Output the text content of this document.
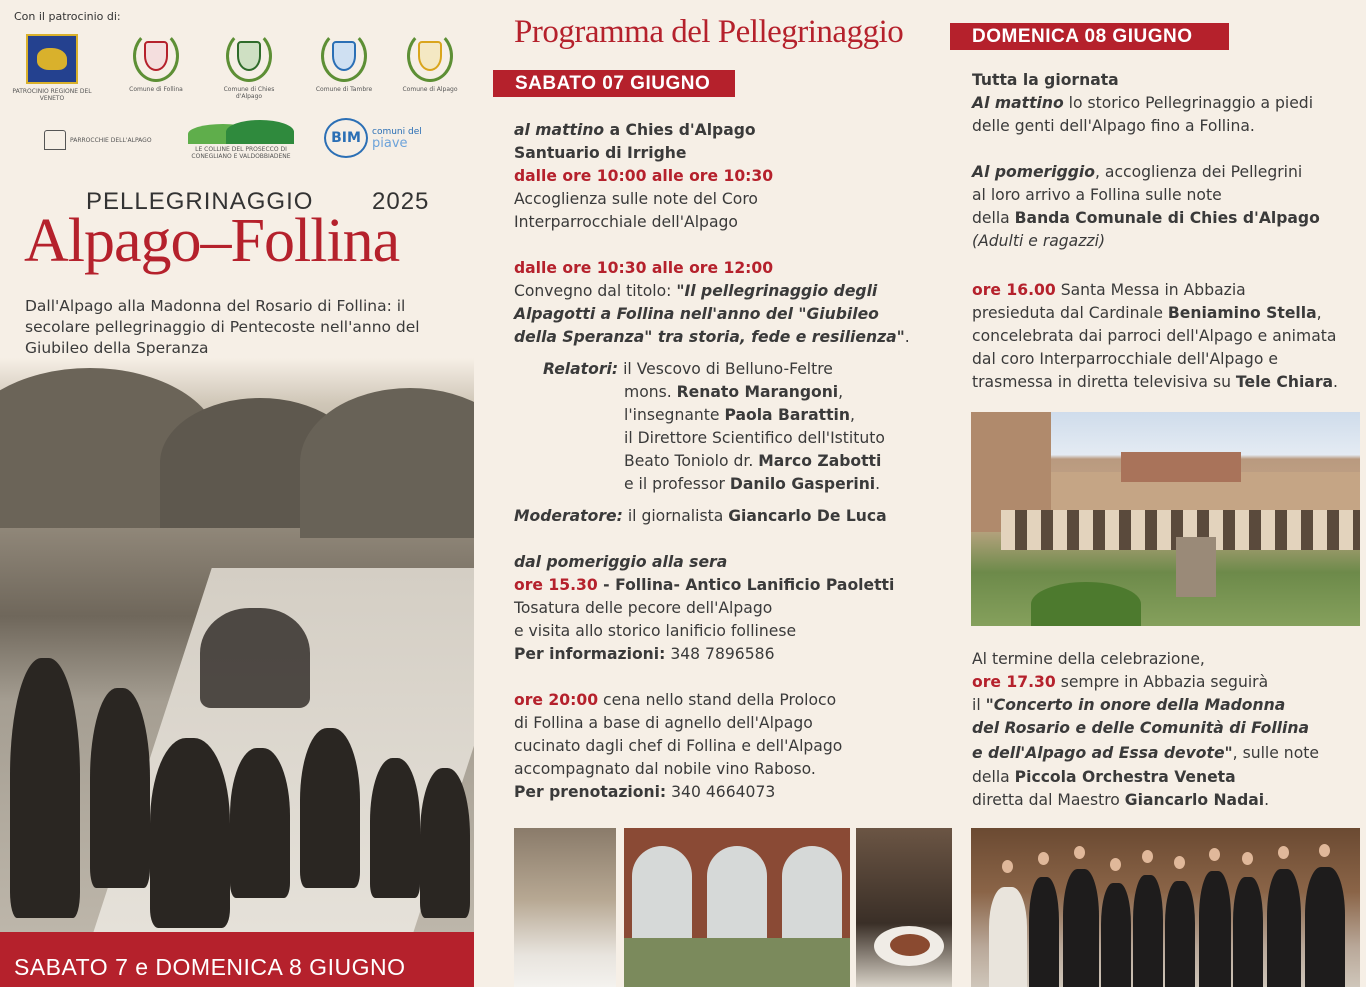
Con il patrocinio di:
PATROCINIO REGIONE DEL VENETO
Comune di Follina	Comune di Chies d'Alpago
Comune di Tambre	Comune di Alpago
PARROCCHIE DELL'ALPAGO
LE COLLINE DEL PROSECCO DI CONEGLIANO E VALDOBBIADENE
BIM	comuni del
piave
PELLEGRINAGGIO 2025
Alpago–Follina
Dall'Alpago alla Madonna del Rosario di Follina: il secolare pellegrinaggio di Pentecoste nell'anno del Giubileo della Speranza
SABATO 7 e DOMENICA 8 GIUGNO
Programma del Pellegrinaggio
SABATO 07 GIUGNO
al mattino a Chies d'Alpago
Santuario di Irrighe
dalle ore 10:00 alle ore 10:30
Accoglienza sulle note del Coro
Interparrocchiale dell'Alpago
dalle ore 10:30 alle ore 12:00
Convegno dal titolo: "Il pellegrinaggio degli
Alpagotti a Follina nell'anno del "Giubileo
della Speranza" tra storia, fede e resilienza".
Relatori: il Vescovo di Belluno-Feltre
mons. Renato Marangoni,
l'insegnante Paola Barattin,
il Direttore Scientifico dell'Istituto
Beato Toniolo dr. Marco Zabotti
e il professor Danilo Gasperini.
Moderatore: il giornalista Giancarlo De Luca
dal pomeriggio alla sera
ore 15.30 - Follina- Antico Lanificio Paoletti
Tosatura delle pecore dell'Alpago
e visita allo storico lanificio follinese
Per informazioni: 348 7896586
ore 20:00 cena nello stand della Proloco
di Follina a base di agnello dell'Alpago
cucinato dagli chef di Follina e dell'Alpago
accompagnato dal nobile vino Raboso.
Per prenotazioni: 340 4664073
DOMENICA 08 GIUGNO
Tutta la giornata
Al mattino lo storico Pellegrinaggio a piedi
delle genti dell'Alpago fino a Follina.
Al pomeriggio, accoglienza dei Pellegrini
al loro arrivo a Follina sulle note
della Banda Comunale di Chies d'Alpago
(Adulti e ragazzi)
ore 16.00 Santa Messa in Abbazia
presieduta dal Cardinale Beniamino Stella,
concelebrata dai parroci dell'Alpago e animata
dal coro Interparrocchiale dell'Alpago e
trasmessa in diretta televisiva su Tele Chiara.
Al termine della celebrazione,
ore 17.30 sempre in Abbazia seguirà
il "Concerto in onore della Madonna
del Rosario e delle Comunità di Follina
e dell'Alpago ad Essa devote", sulle note
della Piccola Orchestra Veneta
diretta dal Maestro Giancarlo Nadai.
